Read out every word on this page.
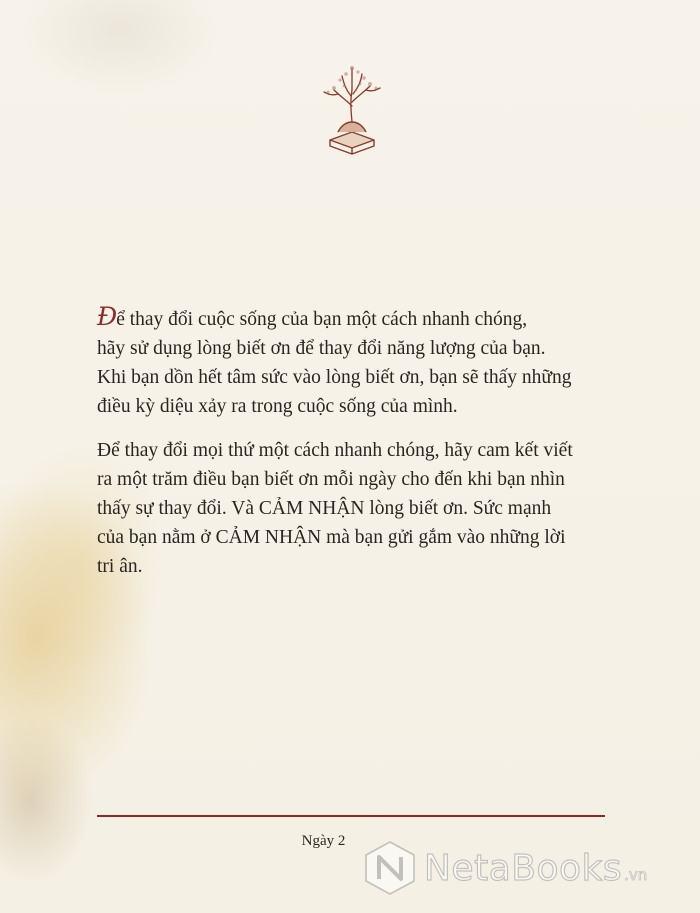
Để thay đổi cuộc sống của bạn một cách nhanh chóng,
hãy sử dụng lòng biết ơn để thay đổi năng lượng của bạn.
Khi bạn dồn hết tâm sức vào lòng biết ơn, bạn sẽ thấy những
điều kỳ diệu xảy ra trong cuộc sống của mình.
Để thay đổi mọi thứ một cách nhanh chóng, hãy cam kết viết
ra một trăm điều bạn biết ơn mỗi ngày cho đến khi bạn nhìn
thấy sự thay đổi. Và CẢM NHẬN lòng biết ơn. Sức mạnh
của bạn nằm ở CẢM NHẬN mà bạn gửi gắm vào những lời
tri ân.
Ngày 2
NetaBooks .vn
